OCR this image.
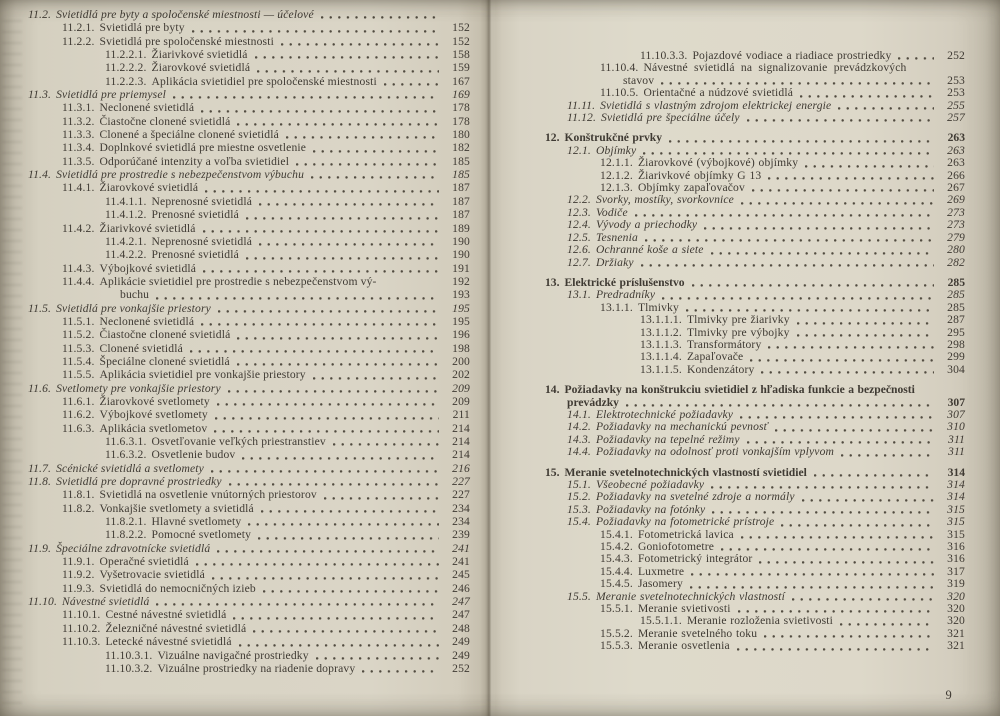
11.2. Svietidlá pre byty a spoločenské miestnosti — účelové
11.2.1. Svietidlá pre byty	152
11.2.2. Svietidlá pre spoločenské miestnosti	152
11.2.2.1. Žiarivkové svietidlá	158
11.2.2.2. Žiarovkové svietidlá	159
11.2.2.3. Aplikácia svietidiel pre spoločenské miestnosti	167
11.3. Svietidlá pre priemysel	169
11.3.1. Neclonené svietidlá	178
11.3.2. Čiastočne clonené svietidlá	178
11.3.3. Clonené a špeciálne clonené svietidlá	180
11.3.4. Doplnkové svietidlá pre miestne osvetlenie	182
11.3.5. Odporúčané intenzity a voľba svietidiel	185
11.4. Svietidlá pre prostredie s nebezpečenstvom výbuchu	185
11.4.1. Žiarovkové svietidlá	187
11.4.1.1. Neprenosné svietidlá	187
11.4.1.2. Prenosné svietidlá	187
11.4.2. Žiarivkové svietidlá	189
11.4.2.1. Neprenosné svietidlá	190
11.4.2.2. Prenosné svietidlá	190
11.4.3. Výbojkové svietidlá	191
11.4.4. Aplikácie svietidiel pre prostredie s nebezpečenstvom vý-	192
buchu	193
11.5. Svietidlá pre vonkajšie priestory	195
11.5.1. Neclonené svietidlá	195
11.5.2. Čiastočne clonené svietidlá	196
11.5.3. Clonené svietidlá	198
11.5.4. Špeciálne clonené svietidlá	200
11.5.5. Aplikácia svietidiel pre vonkajšie priestory	202
11.6. Svetlomety pre vonkajšie priestory	209
11.6.1. Žiarovkové svetlomety	209
11.6.2. Výbojkové svetlomety	211
11.6.3. Aplikácia svetlometov	214
11.6.3.1. Osvetľovanie veľkých priestranstiev	214
11.6.3.2. Osvetlenie budov	214
11.7. Scénické svietidlá a svetlomety	216
11.8. Svietidlá pre dopravné prostriedky	227
11.8.1. Svietidlá na osvetlenie vnútorných priestorov	227
11.8.2. Vonkajšie svetlomety a svietidlá	234
11.8.2.1. Hlavné svetlomety	234
11.8.2.2. Pomocné svetlomety	239
11.9. Špeciálne zdravotnícke svietidlá	241
11.9.1. Operačné svietidlá	241
11.9.2. Vyšetrovacie svietidlá	245
11.9.3. Svietidlá do nemocničných izieb	246
11.10. Návestné svietidlá	247
11.10.1. Cestné návestné svietidlá	247
11.10.2. Železničné návestné svietidlá	248
11.10.3. Letecké návestné svietidlá	249
11.10.3.1. Vizuálne navigačné prostriedky	249
11.10.3.2. Vizuálne prostriedky na riadenie dopravy	252
11.10.3.3. Pojazdové vodiace a riadiace prostriedky	252
11.10.4. Návestné svietidlá na signalizovanie prevádzkových
stavov	253
11.10.5. Orientačné a núdzové svietidlá	253
11.11. Svietidlá s vlastným zdrojom elektrickej energie	255
11.12. Svietidlá pre špeciálne účely	257
12. Konštrukčné prvky	263
12.1. Objímky	263
12.1.1. Žiarovkové (výbojkové) objímky	263
12.1.2. Žiarivkové objímky G 13	266
12.1.3. Objímky zapaľovačov	267
12.2. Svorky, mostíky, svorkovnice	269
12.3. Vodiče	273
12.4. Vývody a priechodky	273
12.5. Tesnenia	279
12.6. Ochranné koše a siete	280
12.7. Držiaky	282
13. Elektrické príslušenstvo	285
13.1. Predradníky	285
13.1.1. Tlmivky	285
13.1.1.1. Tlmivky pre žiarivky	287
13.1.1.2. Tlmivky pre výbojky	295
13.1.1.3. Transformátory	298
13.1.1.4. Zapaľovače	299
13.1.1.5. Kondenzátory	304
14. Požiadavky na konštrukciu svietidiel z hľadiska funkcie a bezpečnosti
prevádzky	307
14.1. Elektrotechnické požiadavky	307
14.2. Požiadavky na mechanickú pevnosť	310
14.3. Požiadavky na tepelné režimy	311
14.4. Požiadavky na odolnosť proti vonkajším vplyvom	311
15. Meranie svetelnotechnických vlastností svietidiel	314
15.1. Všeobecné požiadavky	314
15.2. Požiadavky na svetelné zdroje a normály	314
15.3. Požiadavky na fotónky	315
15.4. Požiadavky na fotometrické prístroje	315
15.4.1. Fotometrická lavica	315
15.4.2. Goniofotometre	316
15.4.3. Fotometrický integrátor	316
15.4.4. Luxmetre	317
15.4.5. Jasomery	319
15.5. Meranie svetelnotechnických vlastností	320
15.5.1. Meranie svietivosti	320
15.5.1.1. Meranie rozloženia svietivosti	320
15.5.2. Meranie svetelného toku	321
15.5.3. Meranie osvetlenia	321
9
